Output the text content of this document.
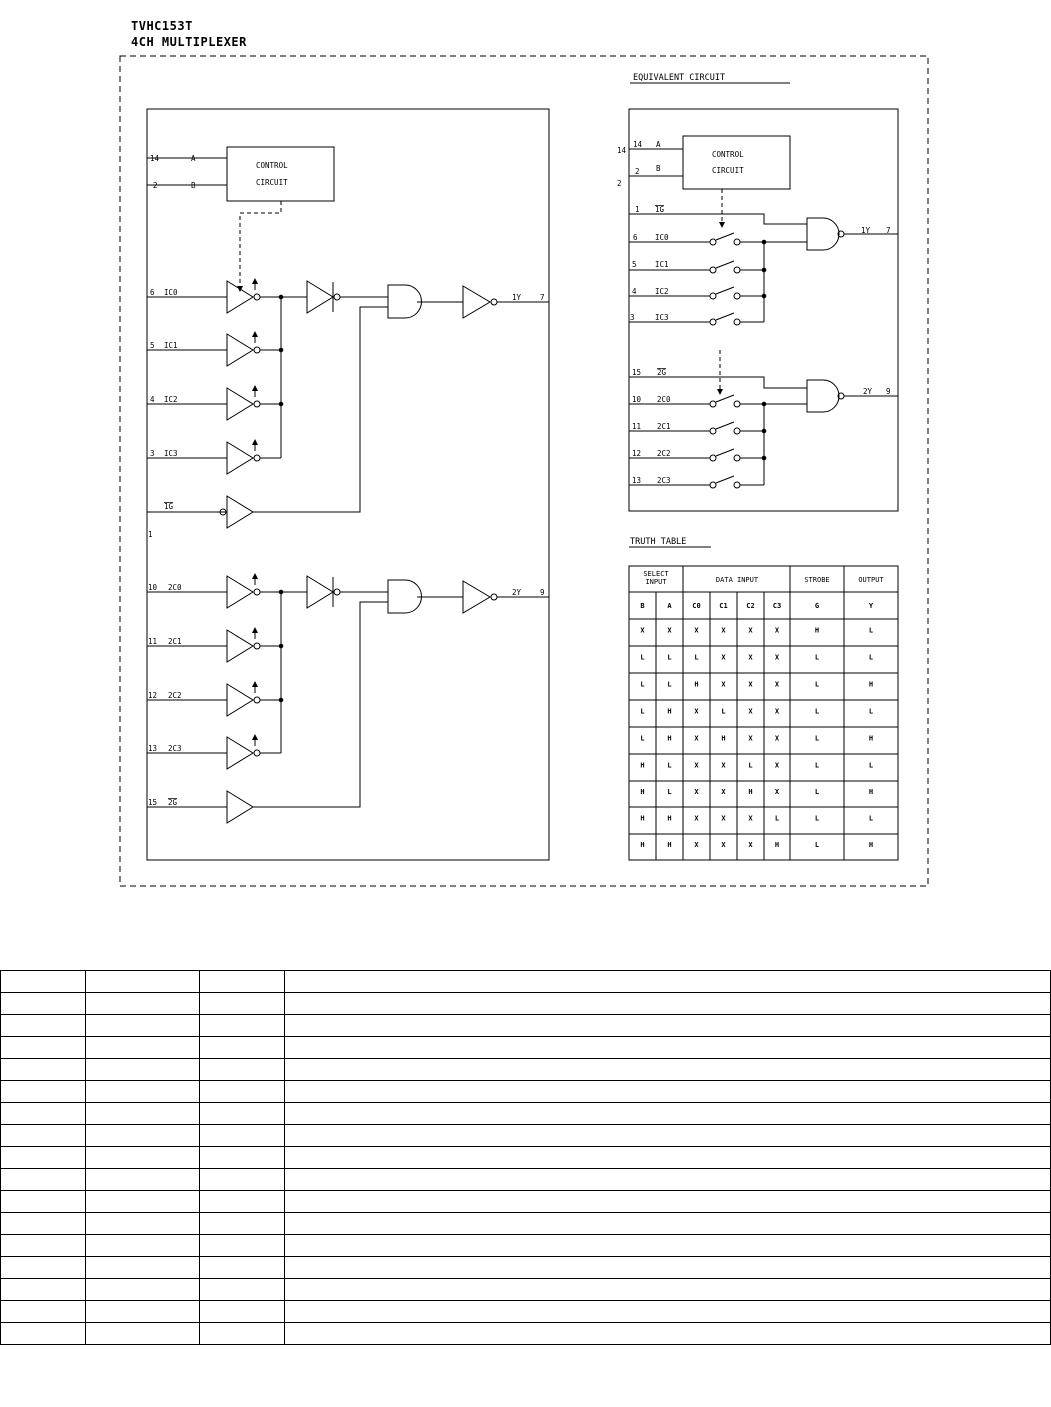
TVHC153T
4CH MULTIPLEXER
14	A
2	B
CONTROL
CIRCUIT
6 IC0
5 IC1
4 IC2
3 IC3
1G
1
1Y	7
10 2C0
11 2C1
12 2C2
13 2C3
15 2G
2Y	9
EQUIVALENT CIRCUIT
14
2
14 A
2 B
CONTROL
CIRCUIT
1 1G
6 IC0
5 IC1
4 IC2
3	IC3
1Y 7
15 2G
10 2C0
11 2C1
12 2C2
13 2C3
2Y 9
TRUTH TABLE
SELECT
INPUT	DATA INPUT	STROBE	OUTPUT
B	A	C0	C1	C2	C3	G	Y
X	X	X	X	X	X	H	L
L	L	L	X	X	X	L	L
L	L	H	X	X	X	L	H
L	H	X	L	X	X	L	L
L	H	X	H	X	X	L	H
H	L	X	X	L	X	L	L
H	L	X	X	H	X	L	H
H	H	X	X	X	L	L	L
H	H	X	X	X	H	L	H
